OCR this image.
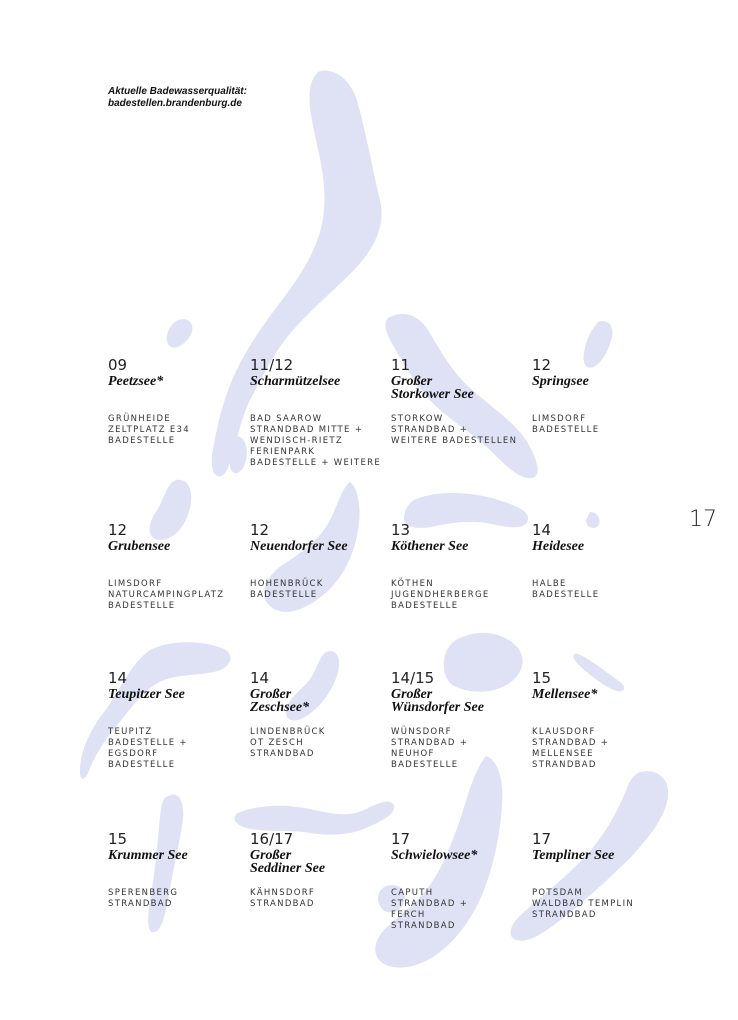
Aktuelle Badewasserqualität:
badestellen.brandenburg.de
17
09
Peetzsee*
GRÜNHEIDE
ZELTPLATZ E34
BADESTELLE
11/12
Scharmützelsee
BAD SAAROW
STRANDBAD MITTE +
WENDISCH-RIETZ
FERIENPARK
BADESTELLE + WEITERE
11
Großer
Storkower See
STORKOW
STRANDBAD +
WEITERE BADESTELLEN
12
Springsee
LIMSDORF
BADESTELLE
12
Grubensee
LIMSDORF
NATURCAMPINGPLATZ
BADESTELLE
12
Neuendorfer See
HOHENBRÜCK
BADESTELLE
13
Köthener See
KÖTHEN
JUGENDHERBERGE
BADESTELLE
14
Heidesee
HALBE
BADESTELLE
14
Teupitzer See
TEUPITZ
BADESTELLE +
EGSDORF
BADESTELLE
14
Großer
Zeschsee*
LINDENBRÜCK
OT ZESCH
STRANDBAD
14/15
Großer
Wünsdorfer See
WÜNSDORF
STRANDBAD +
NEUHOF
BADESTELLE
15
Mellensee*
KLAUSDORF
STRANDBAD +
MELLENSEE
STRANDBAD
15
Krummer See
SPERENBERG
STRANDBAD
16/17
Großer
Seddiner See
KÄHNSDORF
STRANDBAD
17
Schwielowsee*
CAPUTH
STRANDBAD +
FERCH
STRANDBAD
17
Templiner See
POTSDAM
WALDBAD TEMPLIN
STRANDBAD
